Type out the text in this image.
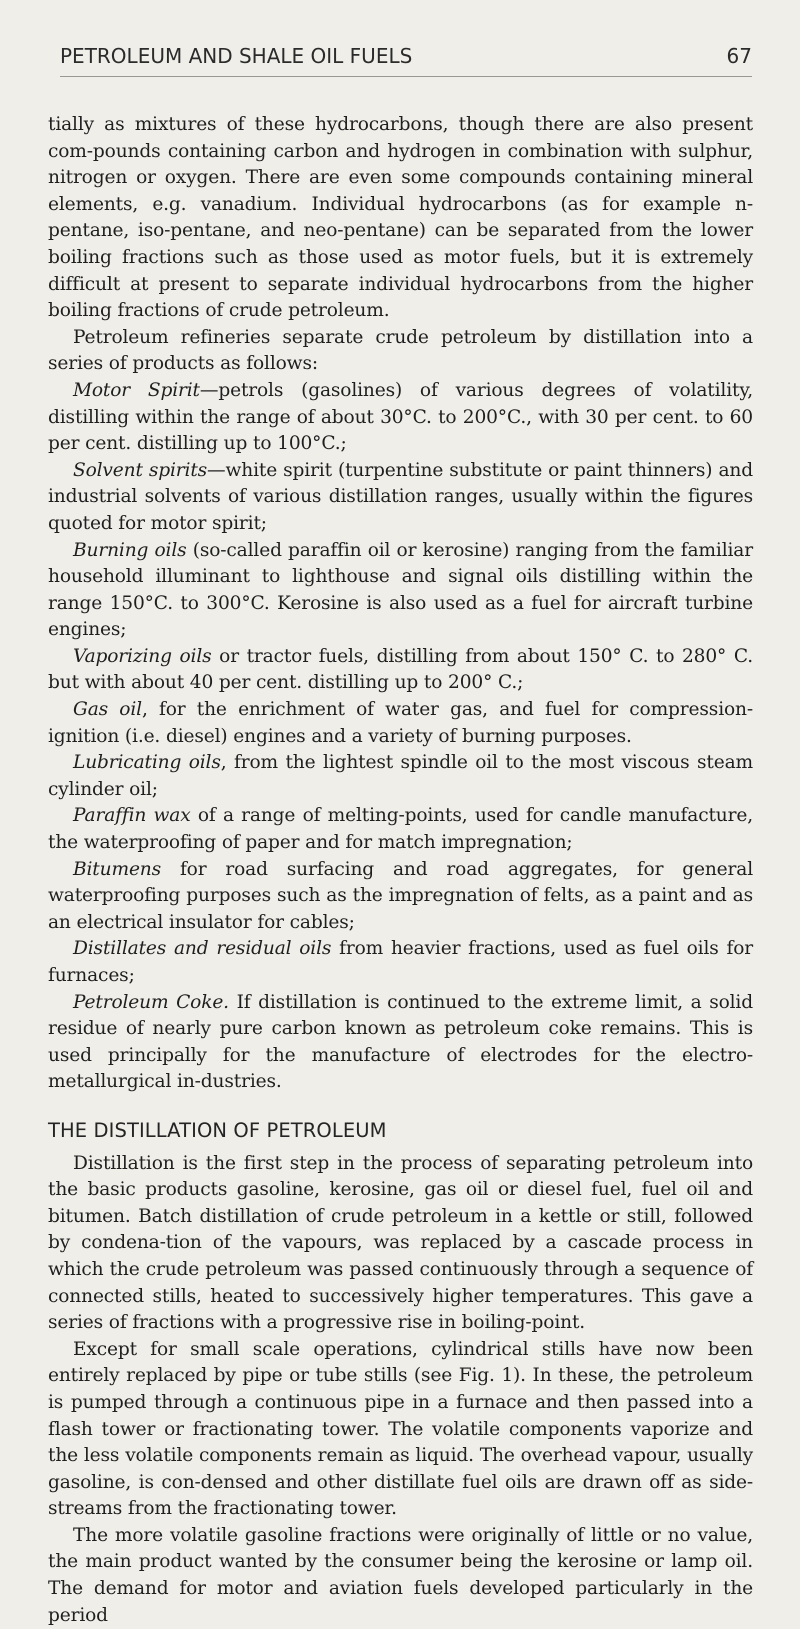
PETROLEUM AND SHALE OIL FUELS	67

tially as mixtures of these hydrocarbons, though there are also present com-pounds containing carbon and hydrogen in combination with sulphur, nitrogen or oxygen. There are even some compounds containing mineral elements, e.g. vanadium. Individual hydrocarbons (as for example n-pentane, iso-pentane, and neo-pentane) can be separated from the lower boiling fractions such as those used as motor fuels, but it is extremely difficult at present to separate individual hydrocarbons from the higher boiling fractions of crude petroleum.

Petroleum refineries separate crude petroleum by distillation into a series of products as follows:

Motor Spirit—petrols (gasolines) of various degrees of volatility, distilling within the range of about 30°C. to 200°C., with 30 per cent. to 60 per cent. distilling up to 100°C.;

Solvent spirits—white spirit (turpentine substitute or paint thinners) and industrial solvents of various distillation ranges, usually within the figures quoted for motor spirit;

Burning oils (so-called paraffin oil or kerosine) ranging from the familiar household illuminant to lighthouse and signal oils distilling within the range 150°C. to 300°C. Kerosine is also used as a fuel for aircraft turbine engines;

Vaporizing oils or tractor fuels, distilling from about 150° C. to 280° C. but with about 40 per cent. distilling up to 200° C.;

Gas oil, for the enrichment of water gas, and fuel for compression-ignition (i.e. diesel) engines and a variety of burning purposes.

Lubricating oils, from the lightest spindle oil to the most viscous steam cylinder oil;

Paraffin wax of a range of melting-points, used for candle manufacture, the waterproofing of paper and for match impregnation;

Bitumens for road surfacing and road aggregates, for general waterproofing purposes such as the impregnation of felts, as a paint and as an electrical insulator for cables;

Distillates and residual oils from heavier fractions, used as fuel oils for furnaces;

Petroleum Coke. If distillation is continued to the extreme limit, a solid residue of nearly pure carbon known as petroleum coke remains. This is used principally for the manufacture of electrodes for the electro-metallurgical in-dustries.

THE DISTILLATION OF PETROLEUM

Distillation is the first step in the process of separating petroleum into the basic products gasoline, kerosine, gas oil or diesel fuel, fuel oil and bitumen. Batch distillation of crude petroleum in a kettle or still, followed by condena-tion of the vapours, was replaced by a cascade process in which the crude petroleum was passed continuously through a sequence of connected stills, heated to successively higher temperatures. This gave a series of fractions with a progressive rise in boiling-point.

Except for small scale operations, cylindrical stills have now been entirely replaced by pipe or tube stills (see Fig. 1). In these, the petroleum is pumped through a continuous pipe in a furnace and then passed into a flash tower or fractionating tower. The volatile components vaporize and the less volatile components remain as liquid. The overhead vapour, usually gasoline, is con-densed and other distillate fuel oils are drawn off as side-streams from the fractionating tower.

The more volatile gasoline fractions were originally of little or no value, the main product wanted by the consumer being the kerosine or lamp oil. The demand for motor and aviation fuels developed particularly in the period
